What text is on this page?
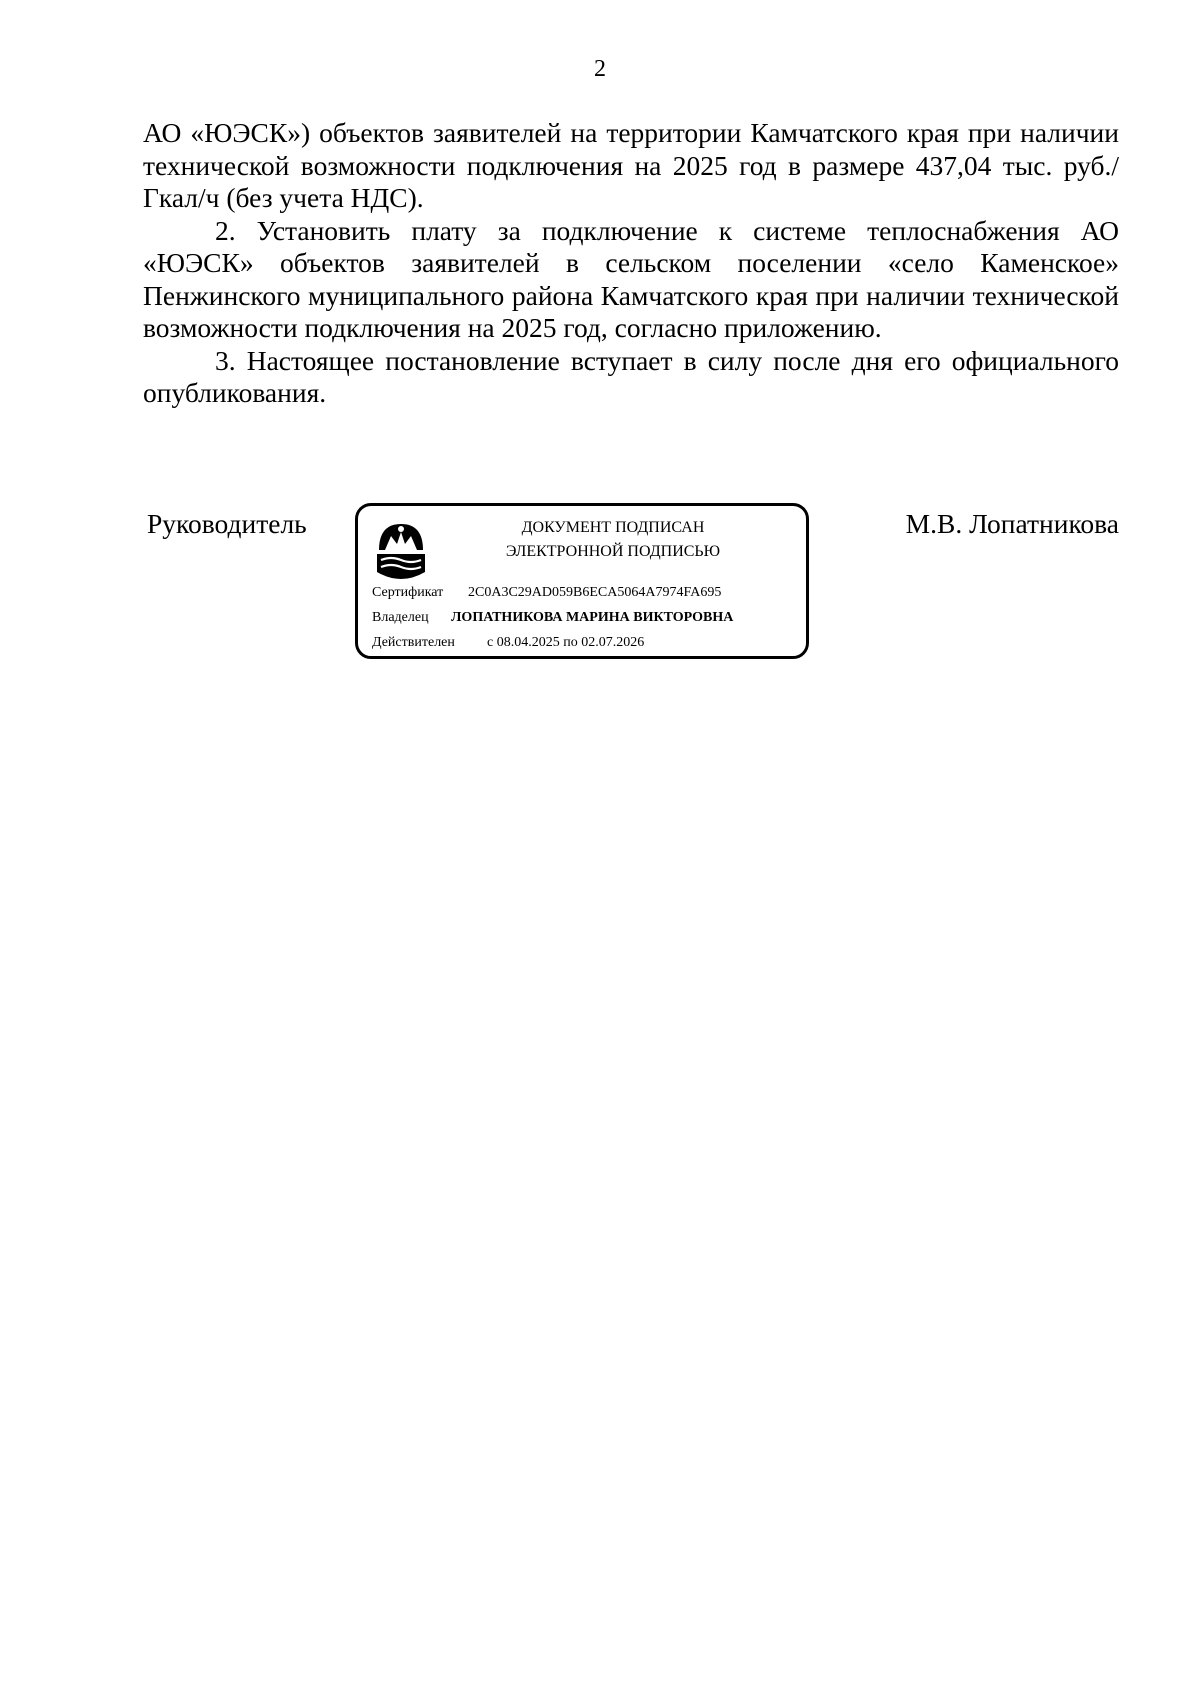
2

АО «ЮЭСК») объектов заявителей на территории Камчатского края при наличии технической возможности подключения на 2025 год в размере 437,04 тыс. руб./Гкал/ч (без учета НДС).

2. Установить плату за подключение к системе теплоснабжения АО «ЮЭСК» объектов заявителей в сельском поселении «село Каменское» Пенжинского муниципального района Камчатского края при наличии технической возможности подключения на 2025 год, согласно приложению.

3. Настоящее постановление вступает в силу после дня его официального опубликования.

Руководитель	ДОКУМЕНТ ПОДПИСАН
ЭЛЕКТРОННОЙ ПОДПИСЬЮ
Сертификат 2C0A3C29AD059B6ECA5064A7974FA695
Владелец ЛОПАТНИКОВА МАРИНА ВИКТОРОВНА
Действителен с 08.04.2025 по 02.07.2026
М.В. Лопатникова
